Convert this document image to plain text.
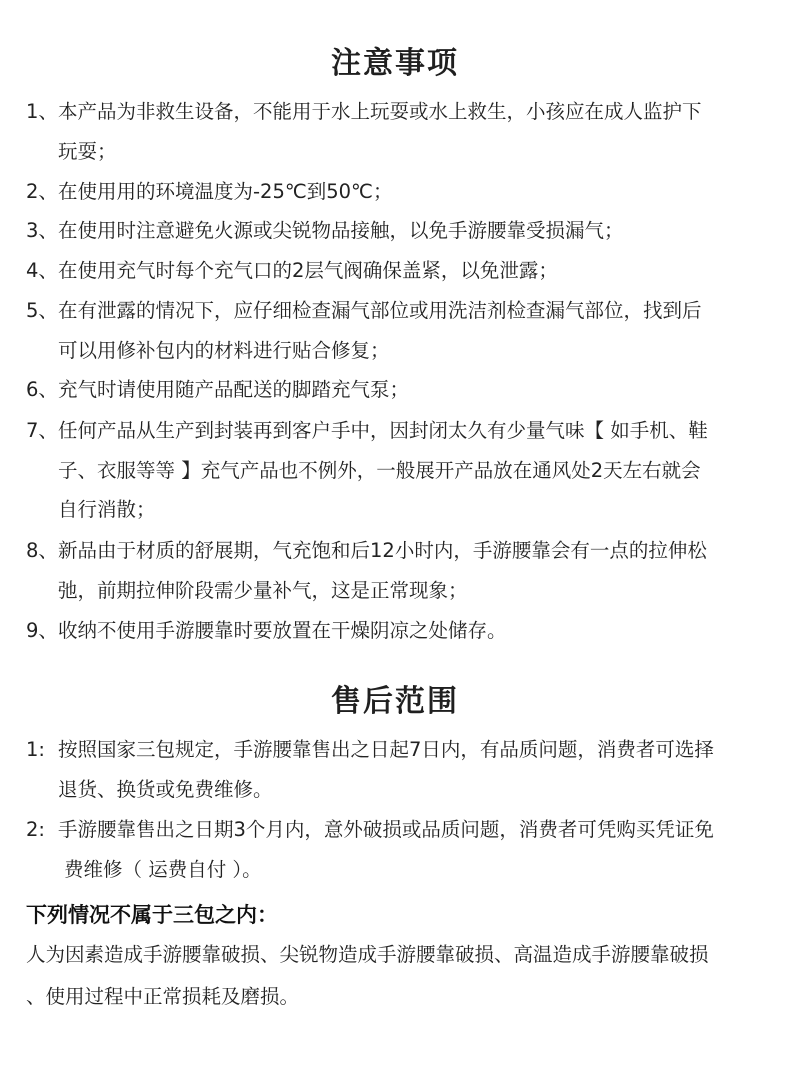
注意事项
1、 本产品为非救生设备，不能用于水上玩耍或水上救生，小孩应在成人监护下
玩耍；
2、 在使用用的环境温度为-25℃到50℃；
3、 在使用时注意避免火源或尖锐物品接触，以免手游腰靠受损漏气；
4、 在使用充气时每个充气口的2层气阀确保盖紧，以免泄露；
5、 在有泄露的情况下，应仔细检查漏气部位或用洗洁剂检查漏气部位，找到后
可以用修补包内的材料进行贴合修复；
6、 充气时请使用随产品配送的脚踏充气泵；
7、 任何产品从生产到封装再到客户手中，因封闭太久有少量气味【 如手机、鞋
子、衣服等等 】充气产品也不例外，一般展开产品放在通风处2天左右就会
自行消散；
8、 新品由于材质的舒展期，气充饱和后12小时内，手游腰靠会有一点的拉伸松
弛，前期拉伸阶段需少量补气，这是正常现象；
9、 收纳不使用手游腰靠时要放置在干燥阴凉之处储存。
售后范围
1: 按照国家三包规定，手游腰靠售出之日起7日内，有品质问题，消费者可选择
退货、换货或免费维修。
2: 手游腰靠售出之日期3个月内，意外破损或品质问题，消费者可凭购买凭证免
费维修（ 运费自付 ）。
下列情况不属于三包之内：
人为因素造成手游腰靠破损、尖锐物造成手游腰靠破损、高温造成手游腰靠破损
、使用过程中正常损耗及磨损。
